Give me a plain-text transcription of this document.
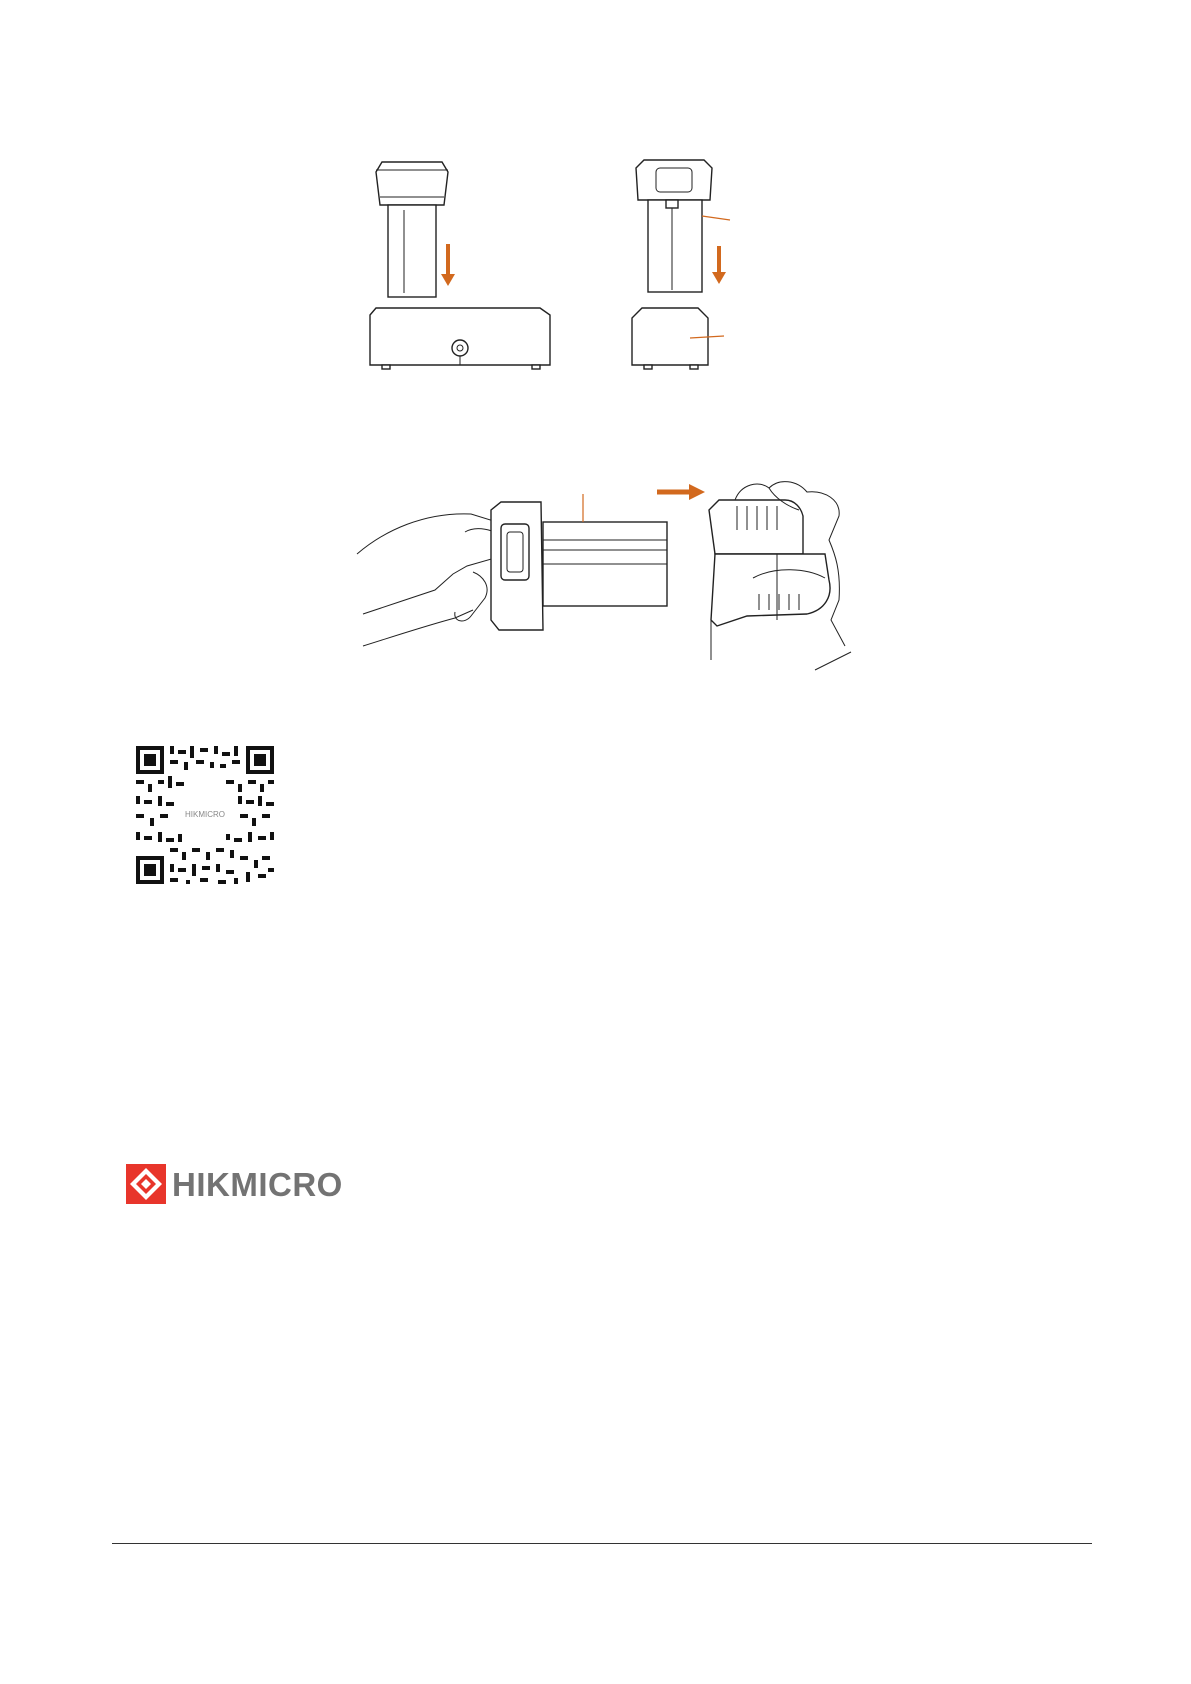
HIKMICRO
HIKMICRO
